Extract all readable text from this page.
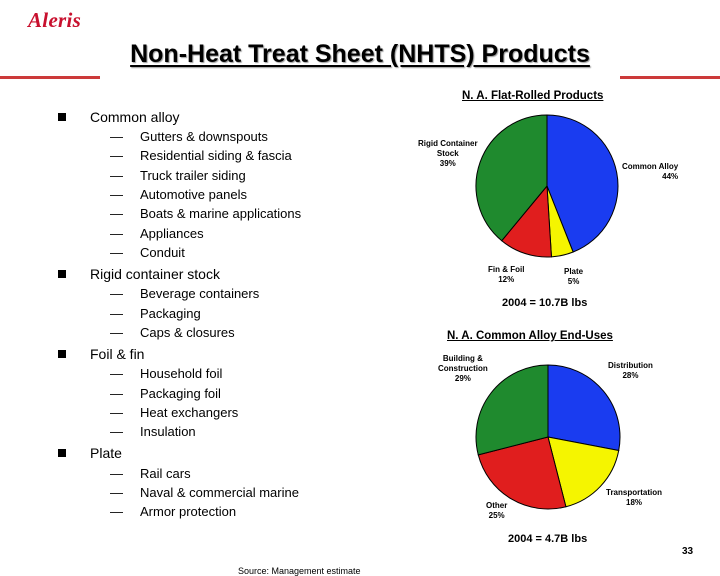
Aleris
Non-Heat Treat Sheet (NHTS) Products
Common alloy
— Gutters & downspouts
— Residential siding & fascia
— Truck trailer siding
— Automotive panels
— Boats & marine applications
— Appliances
— Conduit
Rigid container stock
— Beverage containers
— Packaging
— Caps & closures
Foil & fin
— Household foil
— Packaging foil
— Heat exchangers
— Insulation
Plate
— Rail cars
— Naval & commercial marine
— Armor protection
N. A. Flat-Rolled Products
Rigid Container
Stock
39%	Common Alloy
44%
Fin & Foil
12%
Plate
5%
2004 = 10.7B lbs
N. A. Common Alloy End-Uses
Building &
Construction
29%
Distribution
28%
Transportation
18%
Other
25%
2004 = 4.7B lbs
Source: Management estimate
33
